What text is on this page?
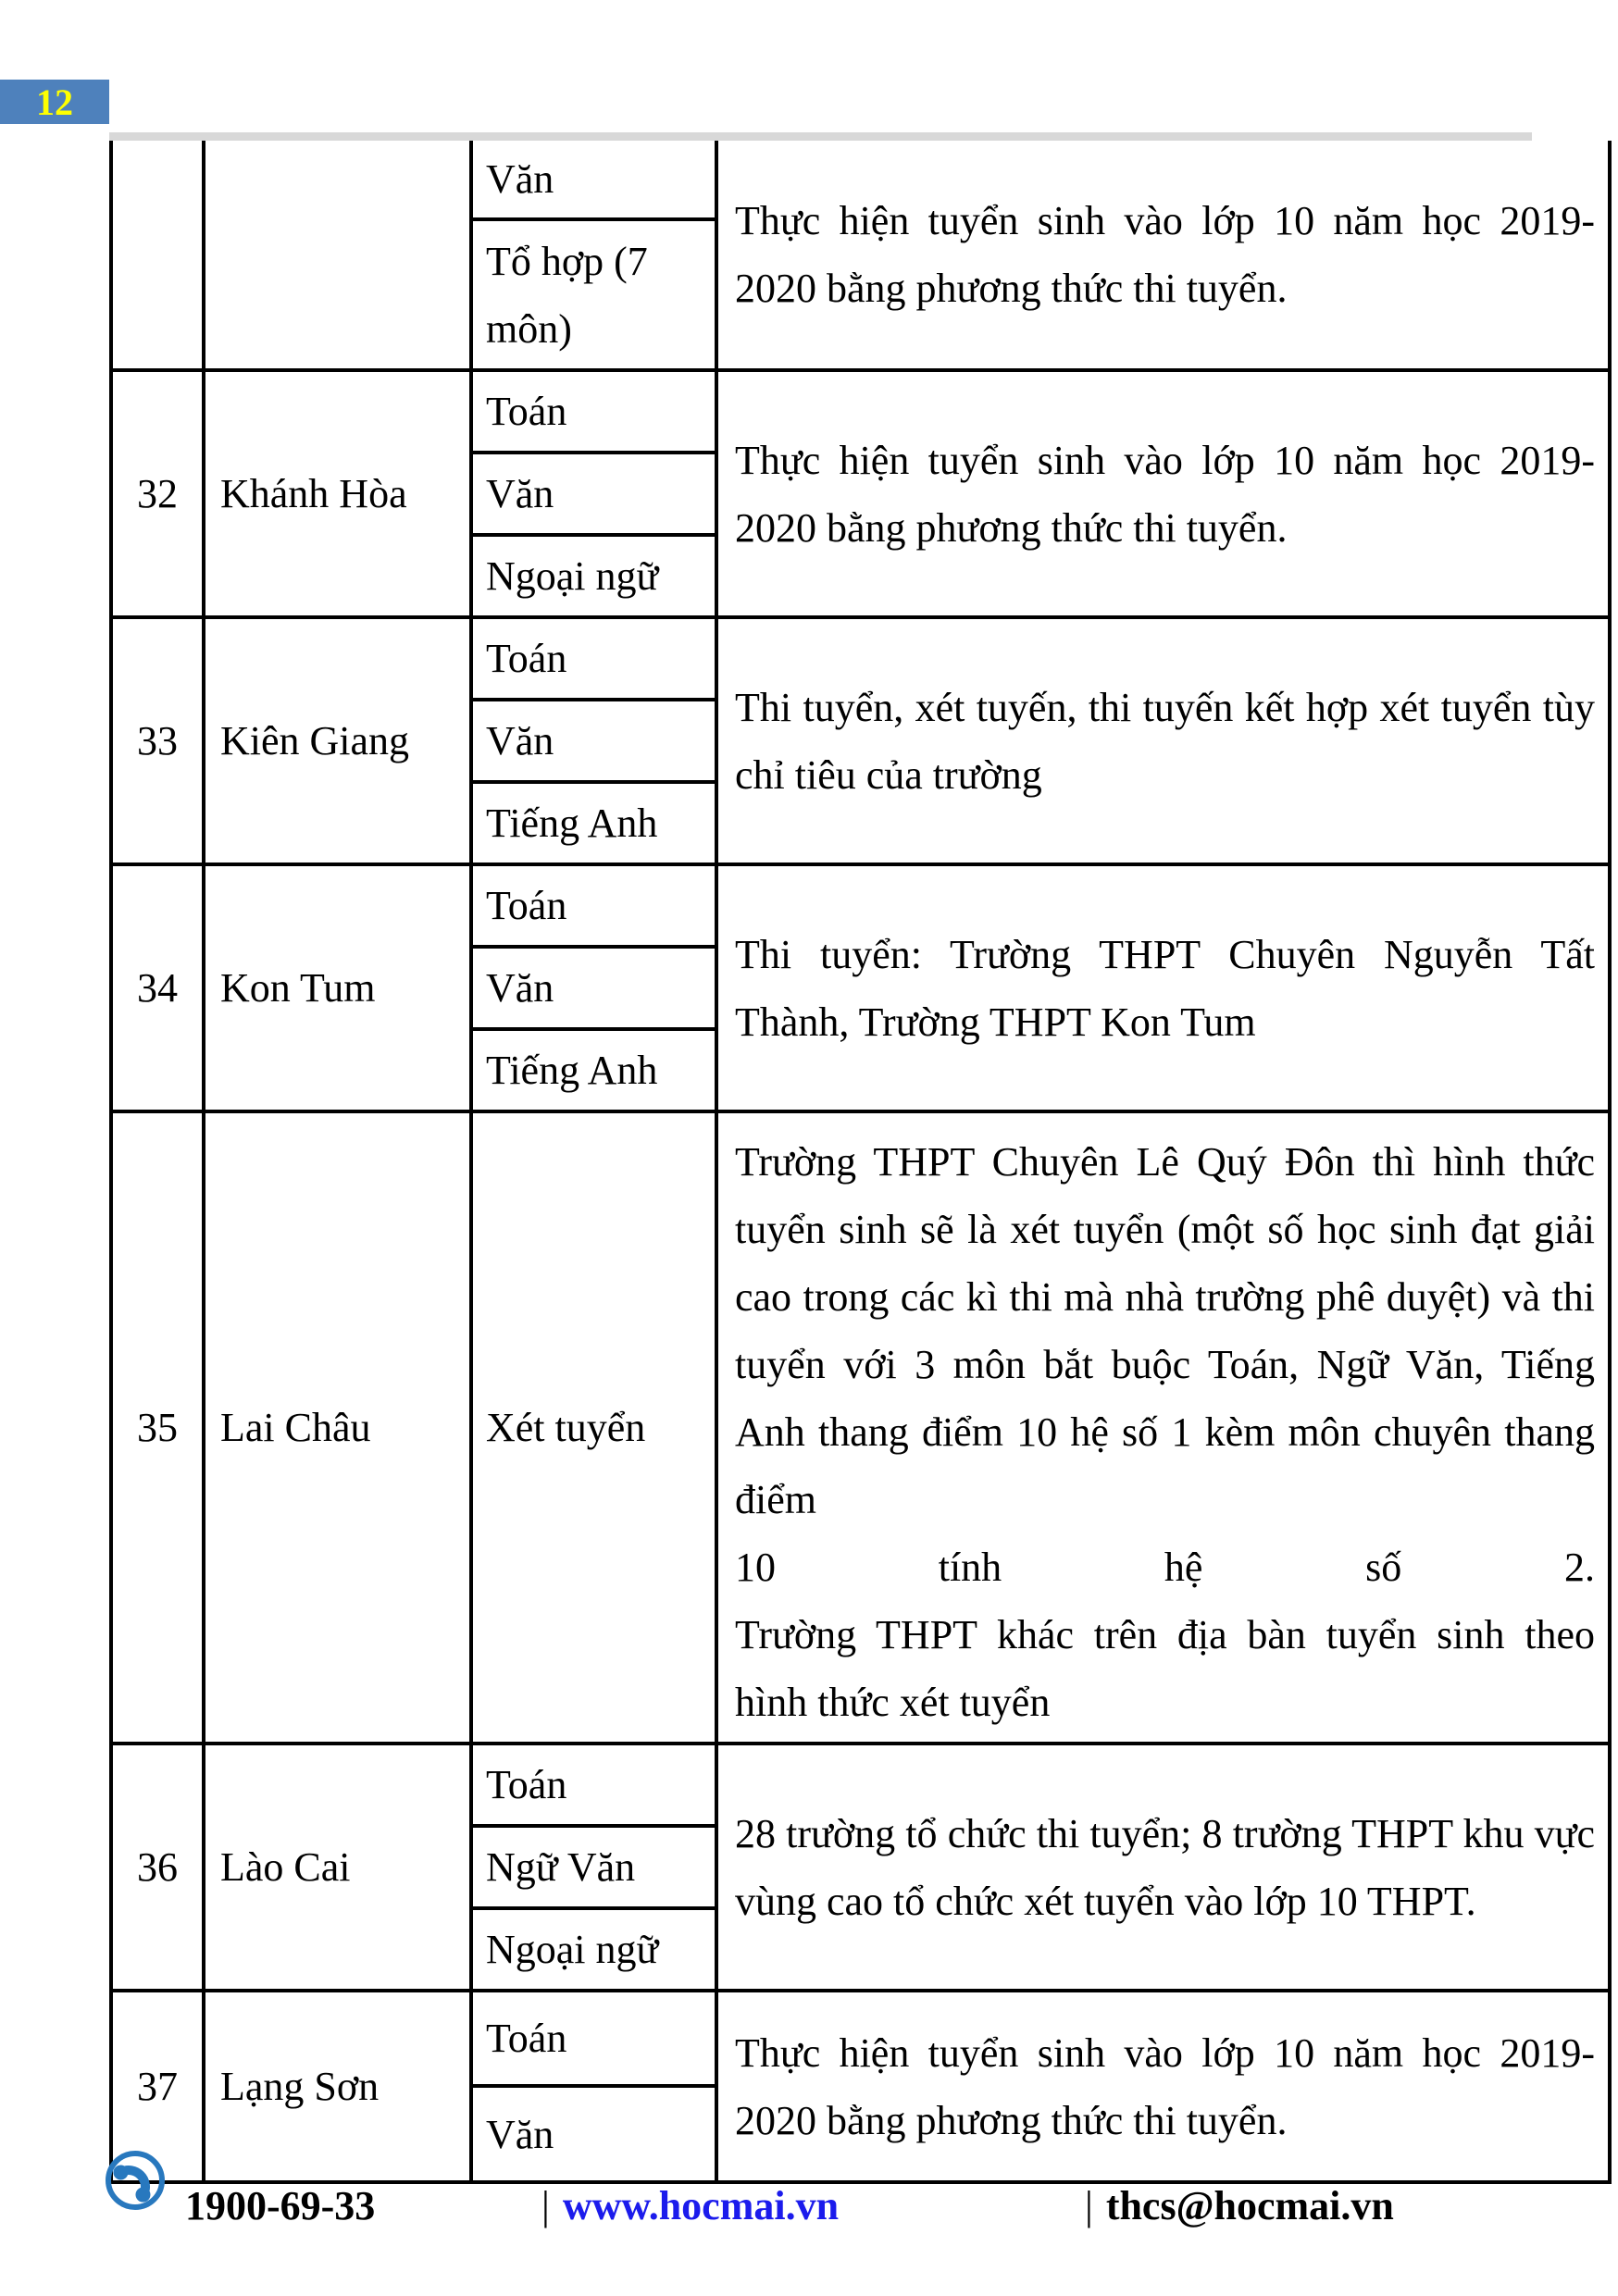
12
		Văn	Thực hiện tuyển sinh vào lớp 10 năm học 2019-2020 bằng phương thức thi tuyển.
		Tổ hợp (7 môn)	
32	Khánh Hòa	Toán	Thực hiện tuyển sinh vào lớp 10 năm học 2019-2020 bằng phương thức thi tuyển.
		Văn	
		Ngoại ngữ	
33	Kiên Giang	Toán	Thi tuyển, xét tuyến, thi tuyến kết hợp xét tuyển tùy chỉ tiêu của trường
		Văn	
		Tiếng Anh	
34	Kon Tum	Toán	Thi tuyển: Trường THPT Chuyên Nguyễn Tất Thành, Trường THPT Kon Tum
		Văn	
		Tiếng Anh	
35	Lai Châu	Xét tuyển	Trường THPT Chuyên Lê Quý Đôn thì hình thức tuyển sinh sẽ là xét tuyển (một số học sinh đạt giải cao trong các kì thi mà nhà trường phê duyệt) và thi tuyển với 3 môn bắt buộc Toán, Ngữ Văn, Tiếng Anh thang điểm 10 hệ số 1 kèm môn chuyên thang điểm
10 tính hệ số 2.
Trường THPT khác trên địa bàn tuyển sinh theo hình thức xét tuyển

36	Lào Cai	Toán	28 trường tổ chức thi tuyển; 8 trường THPT khu vực vùng cao tổ chức xét tuyển vào lớp 10 THPT.
		Ngữ Văn	
		Ngoại ngữ	
37	Lạng Sơn	Toán	Thực hiện tuyển sinh vào lớp 10 năm học 2019-2020 bằng phương thức thi tuyển.
		Văn	
1900-69-33	| www.hocmai.vn	| thcs@hocmai.vn
